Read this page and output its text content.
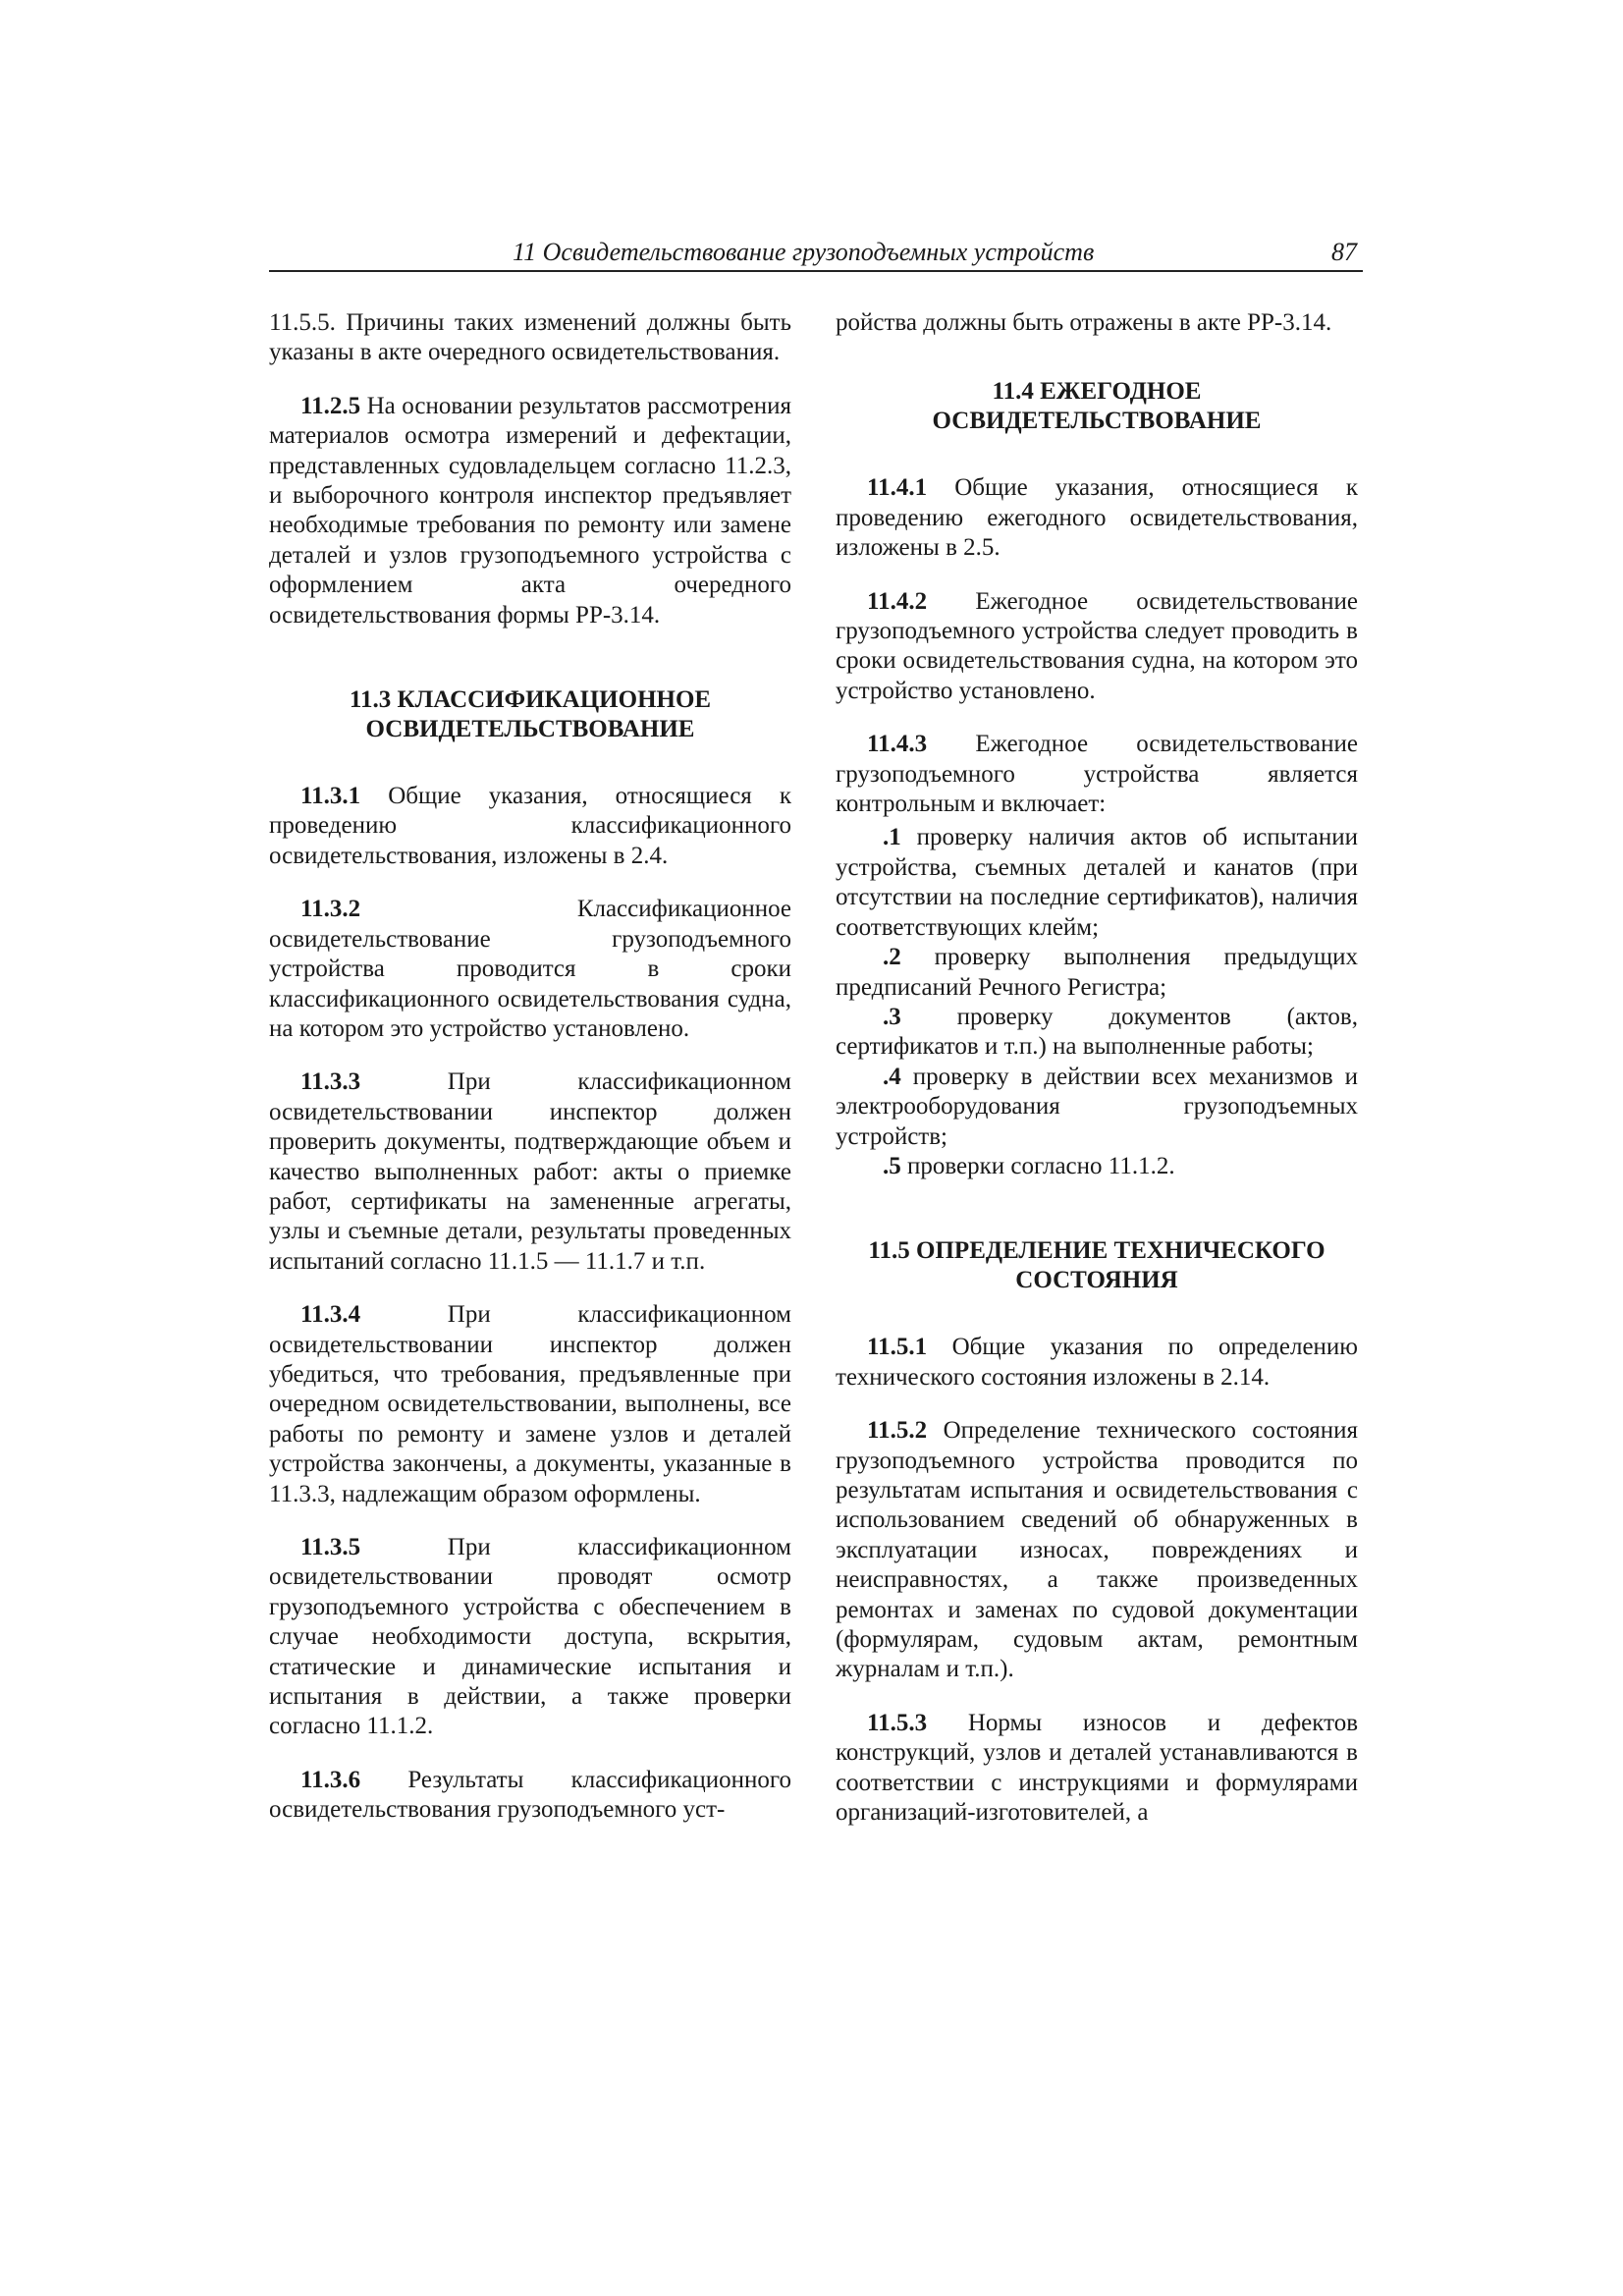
11 Освидетельствование грузоподъемных устройств	87

11.5.5. Причины таких изменений должны быть указаны в акте очередного освидетельствования.

11.2.5 На основании результатов рассмотрения материалов осмотра измерений и дефектации, представленных судовладельцем согласно 11.2.3, и выборочного контроля инспектор предъявляет необходимые требования по ремонту или замене деталей и узлов грузоподъемного устройства с оформлением акта очередного освидетельствования формы РР-3.14.

11.3 КЛАССИФИКАЦИОННОЕ
ОСВИДЕТЕЛЬСТВОВАНИЕ

11.3.1 Общие указания, относящиеся к проведению классификационного освидетельствования, изложены в 2.4.

11.3.2 Классификационное освидетельствование грузоподъемного устройства проводится в сроки классификационного освидетельствования судна, на котором это устройство установлено.

11.3.3 При классификационном освидетельствовании инспектор должен проверить документы, подтверждающие объем и качество выполненных работ: акты о приемке работ, сертификаты на замененные агрегаты, узлы и съемные детали, результаты проведенных испытаний согласно 11.1.5 — 11.1.7 и т.п.

11.3.4 При классификационном освидетельствовании инспектор должен убедиться, что требования, предъявленные при очередном освидетельствовании, выполнены, все работы по ремонту и замене узлов и деталей устройства закончены, а документы, указанные в 11.3.3, надлежащим образом оформлены.

11.3.5 При классификационном освидетельствовании проводят осмотр грузоподъемного устройства с обеспечением в случае необходимости доступа, вскрытия, статические и динамические испытания и испытания в действии, а также проверки согласно 11.1.2.

11.3.6 Результаты классификационного освидетельствования грузоподъемного уст-

ройства должны быть отражены в акте РР-3.14.

11.4 ЕЖЕГОДНОЕ
ОСВИДЕТЕЛЬСТВОВАНИЕ

11.4.1 Общие указания, относящиеся к проведению ежегодного освидетельствования, изложены в 2.5.

11.4.2 Ежегодное освидетельствование грузоподъемного устройства следует проводить в сроки освидетельствования судна, на котором это устройство установлено.

11.4.3 Ежегодное освидетельствование грузоподъемного устройства является контрольным и включает:

.1 проверку наличия актов об испытании устройства, съемных деталей и канатов (при отсутствии на последние сертификатов), наличия соответствующих клейм;

.2 проверку выполнения предыдущих предписаний Речного Регистра;

.3 проверку документов (актов, сертификатов и т.п.) на выполненные работы;

.4 проверку в действии всех механизмов и электрооборудования грузоподъемных устройств;

.5 проверки согласно 11.1.2.

11.5 ОПРЕДЕЛЕНИЕ ТЕХНИЧЕСКОГО
СОСТОЯНИЯ

11.5.1 Общие указания по определению технического состояния изложены в 2.14.

11.5.2 Определение технического состояния грузоподъемного устройства проводится по результатам испытания и освидетельствования с использованием сведений об обнаруженных в эксплуатации износах, повреждениях и неисправностях, а также произведенных ремонтах и заменах по судовой документации (формулярам, судовым актам, ремонтным журналам и т.п.).

11.5.3 Нормы износов и дефектов конструкций, узлов и деталей устанавливаются в соответствии с инструкциями и формулярами организаций-изготовителей, а
